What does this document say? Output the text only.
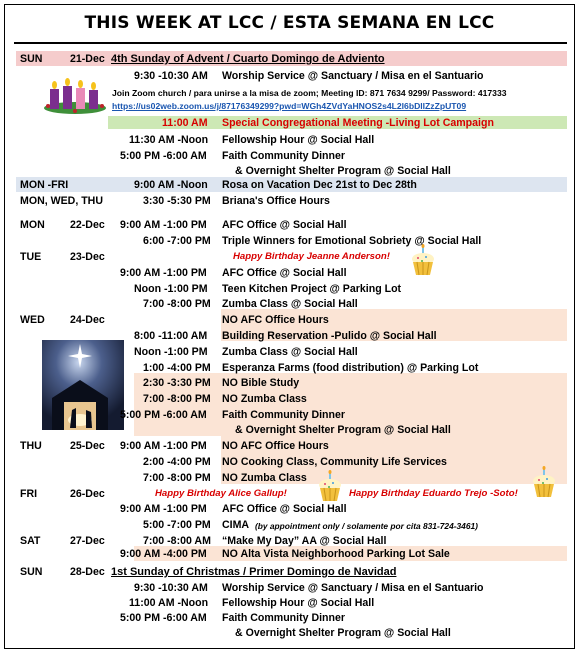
THIS WEEK AT LCC / ESTA SEMANA EN LCC
SUN	21-Dec 4th Sunday of Advent / Cuarto Domingo de Adviento
9:30 -10:30 AM Worship Service @ Sanctuary / Misa en el Santuario
Join Zoom church / para unirse a la misa de zoom; Meeting ID: 871 7634 9299/ Password: 417333
https://us02web.zoom.us/j/87176349299?pwd=WGh4ZVdYaHNOS2s4L2l6bDlIZzZpUT09
11:00 AM Special Congregational Meeting -Living Lot Campaign
11:30 AM -Noon Fellowship Hour @ Social Hall
5:00 PM -6:00 AM Faith Community Dinner
& Overnight Shelter Program @ Social Hall
MON -FRI	9:00 AM -Noon Rosa on Vacation Dec 21st to Dec 28th
MON, WED, THU	3:30 -5:30 PM Briana's Office Hours
MON 22-Dec 9:00 AM -1:00 PM AFC Office @ Social Hall
6:00 -7:00 PM Triple Winners for Emotional Sobriety @ Social Hall
TUE	23-Dec	Happy Birthday Jeanne Anderson!
9:00 AM -1:00 PM AFC Office @ Social Hall
Noon -1:00 PM Teen Kitchen Project @ Parking Lot
7:00 -8:00 PM Zumba Class @ Social Hall
WED 24-Dec	NO AFC Office Hours
8:00 -11:00 AM Building Reservation -Pulido @ Social Hall
Noon -1:00 PM Zumba Class @ Social Hall
1:00 -4:00 PM Esperanza Farms (food distribution) @ Parking Lot
2:30 -3:30 PM NO Bible Study
7:00 -8:00 PM NO Zumba Class
5:00 PM -6:00 AM Faith Community Dinner
& Overnight Shelter Program @ Social Hall
THU	25-Dec 9:00 AM -1:00 PM NO AFC Office Hours
2:00 -4:00 PM NO Cooking Class, Community Life Services
7:00 -8:00 PM NO Zumba Class
FRI	26-Dec	Happy Birthday Alice Gallup!	Happy Birthday Eduardo Trejo -Soto!
9:00 AM -1:00 PM AFC Office @ Social Hall
5:00 -7:00 PM CIMA (by appointment only / solamente por cita 831-724-3461)
SAT	27-Dec	7:00 -8:00 AM “Make My Day” AA @ Social Hall
9:00 AM -4:00 PM NO Alta Vista Neighborhood Parking Lot Sale
SUN	28-Dec 1st Sunday of Christmas / Primer Domingo de Navidad
9:30 -10:30 AM Worship Service @ Sanctuary / Misa en el Santuario
11:00 AM -Noon Fellowship Hour @ Social Hall
5:00 PM -6:00 AM Faith Community Dinner
& Overnight Shelter Program @ Social Hall
